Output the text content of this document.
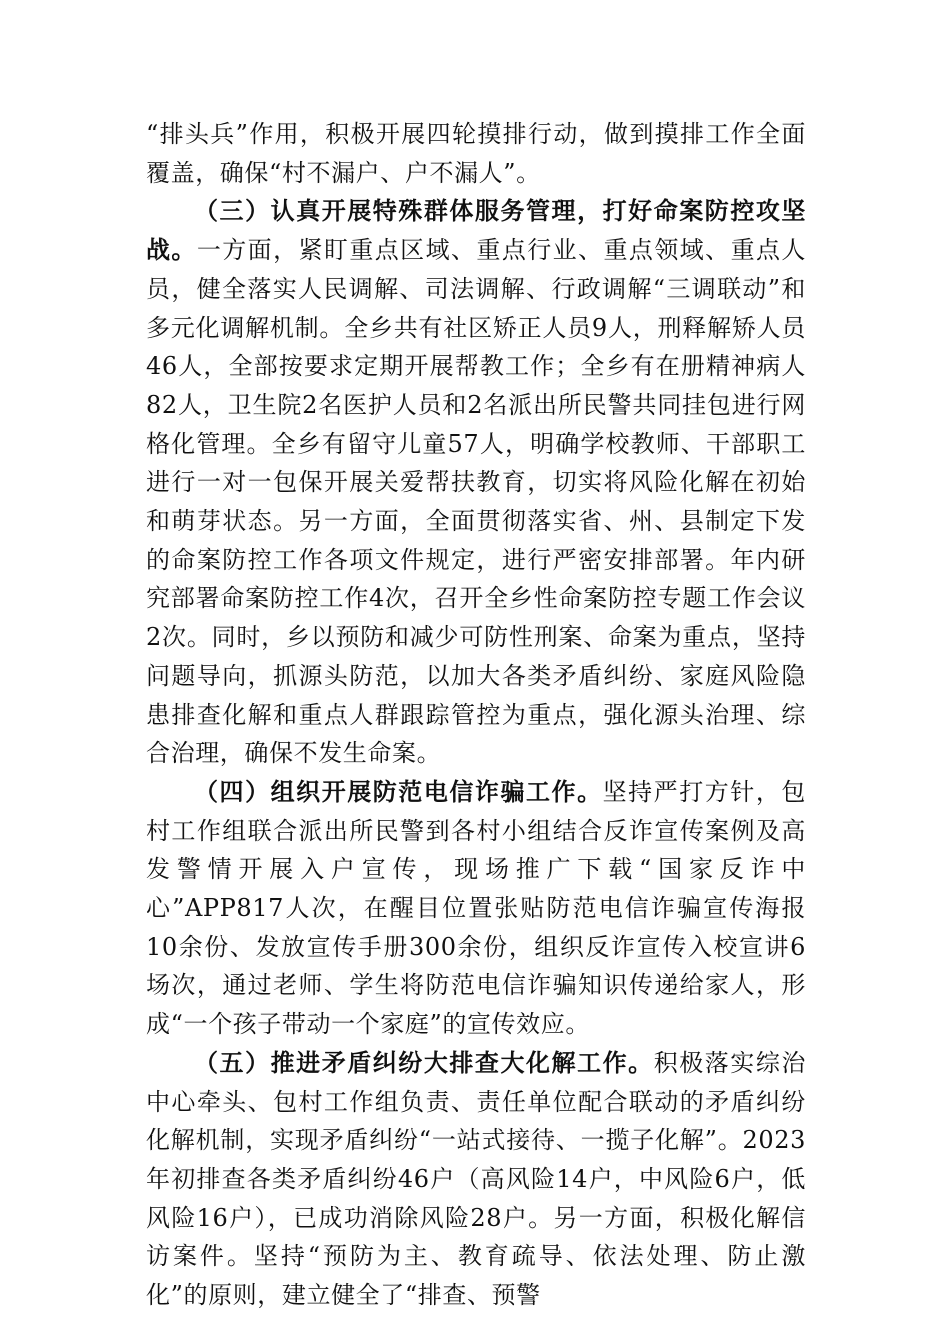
“排头兵”作用，积极开展四轮摸排行动，做到摸排工作全面覆盖，确保“村不漏户、户不漏人”。

（三）认真开展特殊群体服务管理，打好命案防控攻坚战。一方面，紧盯重点区域、重点行业、重点领域、重点人员，健全落实人民调解、司法调解、行政调解“三调联动”和多元化调解机制。全乡共有社区矫正人员9人，刑释解矫人员46人，全部按要求定期开展帮教工作；全乡有在册精神病人82人，卫生院2名医护人员和2名派出所民警共同挂包进行网格化管理。全乡有留守儿童57人，明确学校教师、干部职工进行一对一包保开展关爱帮扶教育，切实将风险化解在初始和萌芽状态。另一方面，全面贯彻落实省、州、县制定下发的命案防控工作各项文件规定，进行严密安排部署。年内研究部署命案防控工作4次，召开全乡性命案防控专题工作会议2次。同时，乡以预防和减少可防性刑案、命案为重点，坚持问题导向，抓源头防范，以加大各类矛盾纠纷、家庭风险隐患排查化解和重点人群跟踪管控为重点，强化源头治理、综合治理，确保不发生命案。

（四）组织开展防范电信诈骗工作。坚持严打方针，包村工作组联合派出所民警到各村小组结合反诈宣传案例及高发警情开展入户宣传，现场推广下载“国家反诈中心”APP817人次，在醒目位置张贴防范电信诈骗宣传海报10余份、发放宣传手册300余份，组织反诈宣传入校宣讲6场次，通过老师、学生将防范电信诈骗知识传递给家人，形成“一个孩子带动一个家庭”的宣传效应。

（五）推进矛盾纠纷大排查大化解工作。积极落实综治中心牵头、包村工作组负责、责任单位配合联动的矛盾纠纷化解机制，实现矛盾纠纷“一站式接待、一揽子化解”。2023年初排查各类矛盾纠纷46户（高风险14户，中风险6户，低风险16户），已成功消除风险28户。另一方面，积极化解信访案件。坚持“预防为主、教育疏导、依法处理、防止激化”的原则，建立健全了“排查、预警
